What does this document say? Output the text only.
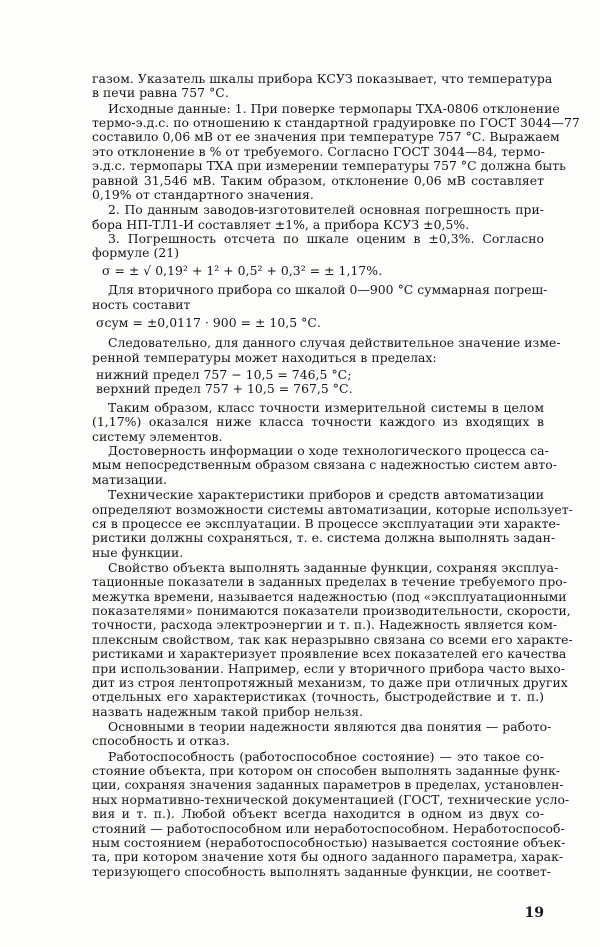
газом. Указатель шкалы прибора КСУЗ показывает, что температура

в печи равна 757 °С.

Исходные данные: 1. При поверке термопары ТХА-0806 отклонение

термо-э.д.с. по отношению к стандартной градуировке по ГОСТ 3044—77

составило 0,06 мВ от ее значения при температуре 757 °С. Выражаем

это отклонение в % от требуемого. Согласно ГОСТ 3044—84, термо-

э.д.с. термопары ТХА при измерении температуры 757 °С должна быть

равной 31,546 мВ. Таким образом, отклонение 0,06 мВ составляет

0,19% от стандартного значения.

2. По данным заводов-изготовителей основная погрешность при-

бора НП-ТЛ1-И составляет ±1%, а прибора КСУЗ ±0,5%.

3. Погрешность отсчета по шкале оценим в ±0,3%. Согласно

формуле (21)

σ = ± √ 0,19² + 1² + 0,5² + 0,3² = ± 1,17%.

Для вторичного прибора со шкалой 0—900 °С суммарная погреш-

ность составит

σсум = ±0,0117 · 900 = ± 10,5 °С.

Следовательно, для данного случая действительное значение изме-

ренной температуры может находиться в пределах:

нижний предел 757 − 10,5 = 746,5 °С;

верхний предел 757 + 10,5 = 767,5 °С.

Таким образом, класс точности измерительной системы в целом

(1,17%) оказался ниже класса точности каждого из входящих в

систему элементов.

Достоверность информации о ходе технологического процесса са-

мым непосредственным образом связана с надежностью систем авто-

матизации.

Технические характеристики приборов и средств автоматизации

определяют возможности системы автоматизации, которые использует-

ся в процессе ее эксплуатации. В процессе эксплуатации эти характе-

ристики должны сохраняться, т. е. система должна выполнять задан-

ные функции.

Свойство объекта выполнять заданные функции, сохраняя эксплуа-

тационные показатели в заданных пределах в течение требуемого про-

межутка времени, называется надежностью (под «эксплуатационными

показателями» понимаются показатели производительности, скорости,

точности, расхода электроэнергии и т. п.). Надежность является ком-

плексным свойством, так как неразрывно связана со всеми его характе-

ристиками и характеризует проявление всех показателей его качества

при использовании. Например, если у вторичного прибора часто выхо-

дит из строя лентопротяжный механизм, то даже при отличных других

отдельных его характеристиках (точность, быстродействие и т. п.)

назвать надежным такой прибор нельзя.

Основными в теории надежности являются два понятия — работо-

способность и отказ.

Работоспособность (работоспособное состояние) — это такое со-

стояние объекта, при котором он способен выполнять заданные функ-

ции, сохраняя значения заданных параметров в пределах, установлен-

ных нормативно-технической документацией (ГОСТ, технические усло-

вия и т. п.). Любой объект всегда находится в одном из двух со-

стояний — работоспособном или неработоспособном. Неработоспособ-

ным состоянием (неработоспособностью) называется состояние объек-

та, при котором значение хотя бы одного заданного параметра, харак-

теризующего способность выполнять заданные функции, не соответ-

19
